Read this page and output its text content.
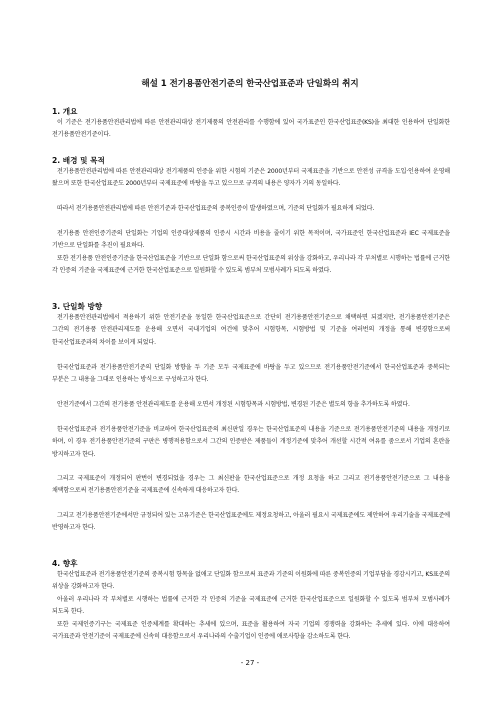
해설 1 전기용품안전기준의 한국산업표준과 단일화의 취지
1. 개요
이 기준은 전기용품안전관리법에 따른 안전관리대상 전기제품의 안전관리를 수행함에 있어 국가표준인 한국산업표준(KS)을 최대한 인용하여 단일화한 전기용품안전기준이다.
2. 배경 및 목적
전기용품안전관리법에 따른 안전관리대상 전기제품의 인증을 위한 시험의 기준은 2000년부터 국제표준을 기반으로 안전성 규격을 도입·인용하여 운영해 왔으며 또한 한국산업표준도 2000년부터 국제표준에 바탕을 두고 있으므로 규격의 내용은 양자가 거의 동일하다.
따라서 전기용품안전관리법에 따른 안전기준과 한국산업표준의 중복인증이 발생하였으며, 기준의 단일화가 필요하게 되었다.
전기용품 안전인증기준의 단일화는 기업의 인증대상제품의 인증시 시간과 비용을 줄이기 위한 목적이며, 국가표준인 한국산업표준과 IEC 국제표준을 기반으로 단일화를 추진이 필요하다.
또한 전기용품 안전인증기준을 한국산업표준을 기반으로 단일화 함으로써 한국산업표준의 위상을 강화하고, 우리나라 각 부처별로 시행하는 법률에 근거한 각 인증의 기준을 국제표준에 근거한 한국산업표준으로 일원화할 수 있도록 범부처 모범사례가 되도록 하였다.
3. 단일화 방향
전기용품안전관리법에서 적용하기 위한 안전기준을 동일한 한국산업표준으로 간단히 전기용품안전기준으로 채택하면 되겠지만, 전기용품안전기준은 그간의 전기용품 안전관리제도를 운용해 오면서 국내기업의 여건에 맞추어 시험항목, 시험방법 및 기준을 여러번의 개정을 통해 변경함으로써 한국산업표준과의 차이를 보이게 되었다.
한국산업표준과 전기용품안전기준의 단일화 방향을 두 기준 모두 국제표준에 바탕을 두고 있으므로 전기용품안전기준에서 한국산업표준과 중복되는 부분은 그 내용을 그대로 인용하는 방식으로 구성하고자 한다.
안전기준에서 그간의 전기용품 안전관리제도를 운용해 오면서 개정된 시험항목과 시험방법, 변경된 기준은 별도의 항을 추가하도록 하였다.
한국산업표준과 전기용품안전기준을 비교하여 한국산업표준의 최신판일 경우는 한국산업표준의 내용을 기준으로 전기용품안전기준의 내용을 개정키로 하며, 이 경우 전기용품안전기준의 구판은 병행적용함으로서 그간의 인증받은 제품들이 개정기준에 맞추어 개선할 시간적 여유를 줌으로서 기업의 혼란을 방지하고자 한다.
그리고 국제표준이 개정되어 판번이 변경되었을 경우는 그 최신판을 한국산업표준으로 개정 요청을 하고 그리고 전기용품안전기준으로 그 내용을 채택함으로써 전기용품안전기준을 국제표준에 신속하게 대응하고자 한다.
그리고 전기용품안전기준에서만 규정되어 있는 고유기준은 한국산업표준에도 제정요청하고, 아울러 필요시 국제표준에도 제안하여 우리기술을 국제표준에 반영하고자 한다.
4. 향후
한국산업표준과 전기용품안전기준의 중복시험 항목을 없애고 단일화 함으로써 표준과 기준의 이원화에 따른 중복인증의 기업부담을 경감시키고, KS표준의 위상을 강화하고자 한다.
아울러 우리나라 각 부처별로 시행하는 법률에 근거한 각 인증의 기준을 국제표준에 근거한 한국산업표준으로 일원화할 수 있도록 범부처 모범사례가 되도록 한다.
또한 국제인증기구는 국제표준 인증체계를 확대하는 추세에 있으며, 표준을 활용하여 자국 기업의 경쟁력을 강화하는 추세에 있다. 이에 대응하여 국가표준과 안전기준이 국제표준에 신속히 대응함으로서 우리나라의 수출기업이 인증에 애로사항을 감소하도록 한다.
- 27 -
